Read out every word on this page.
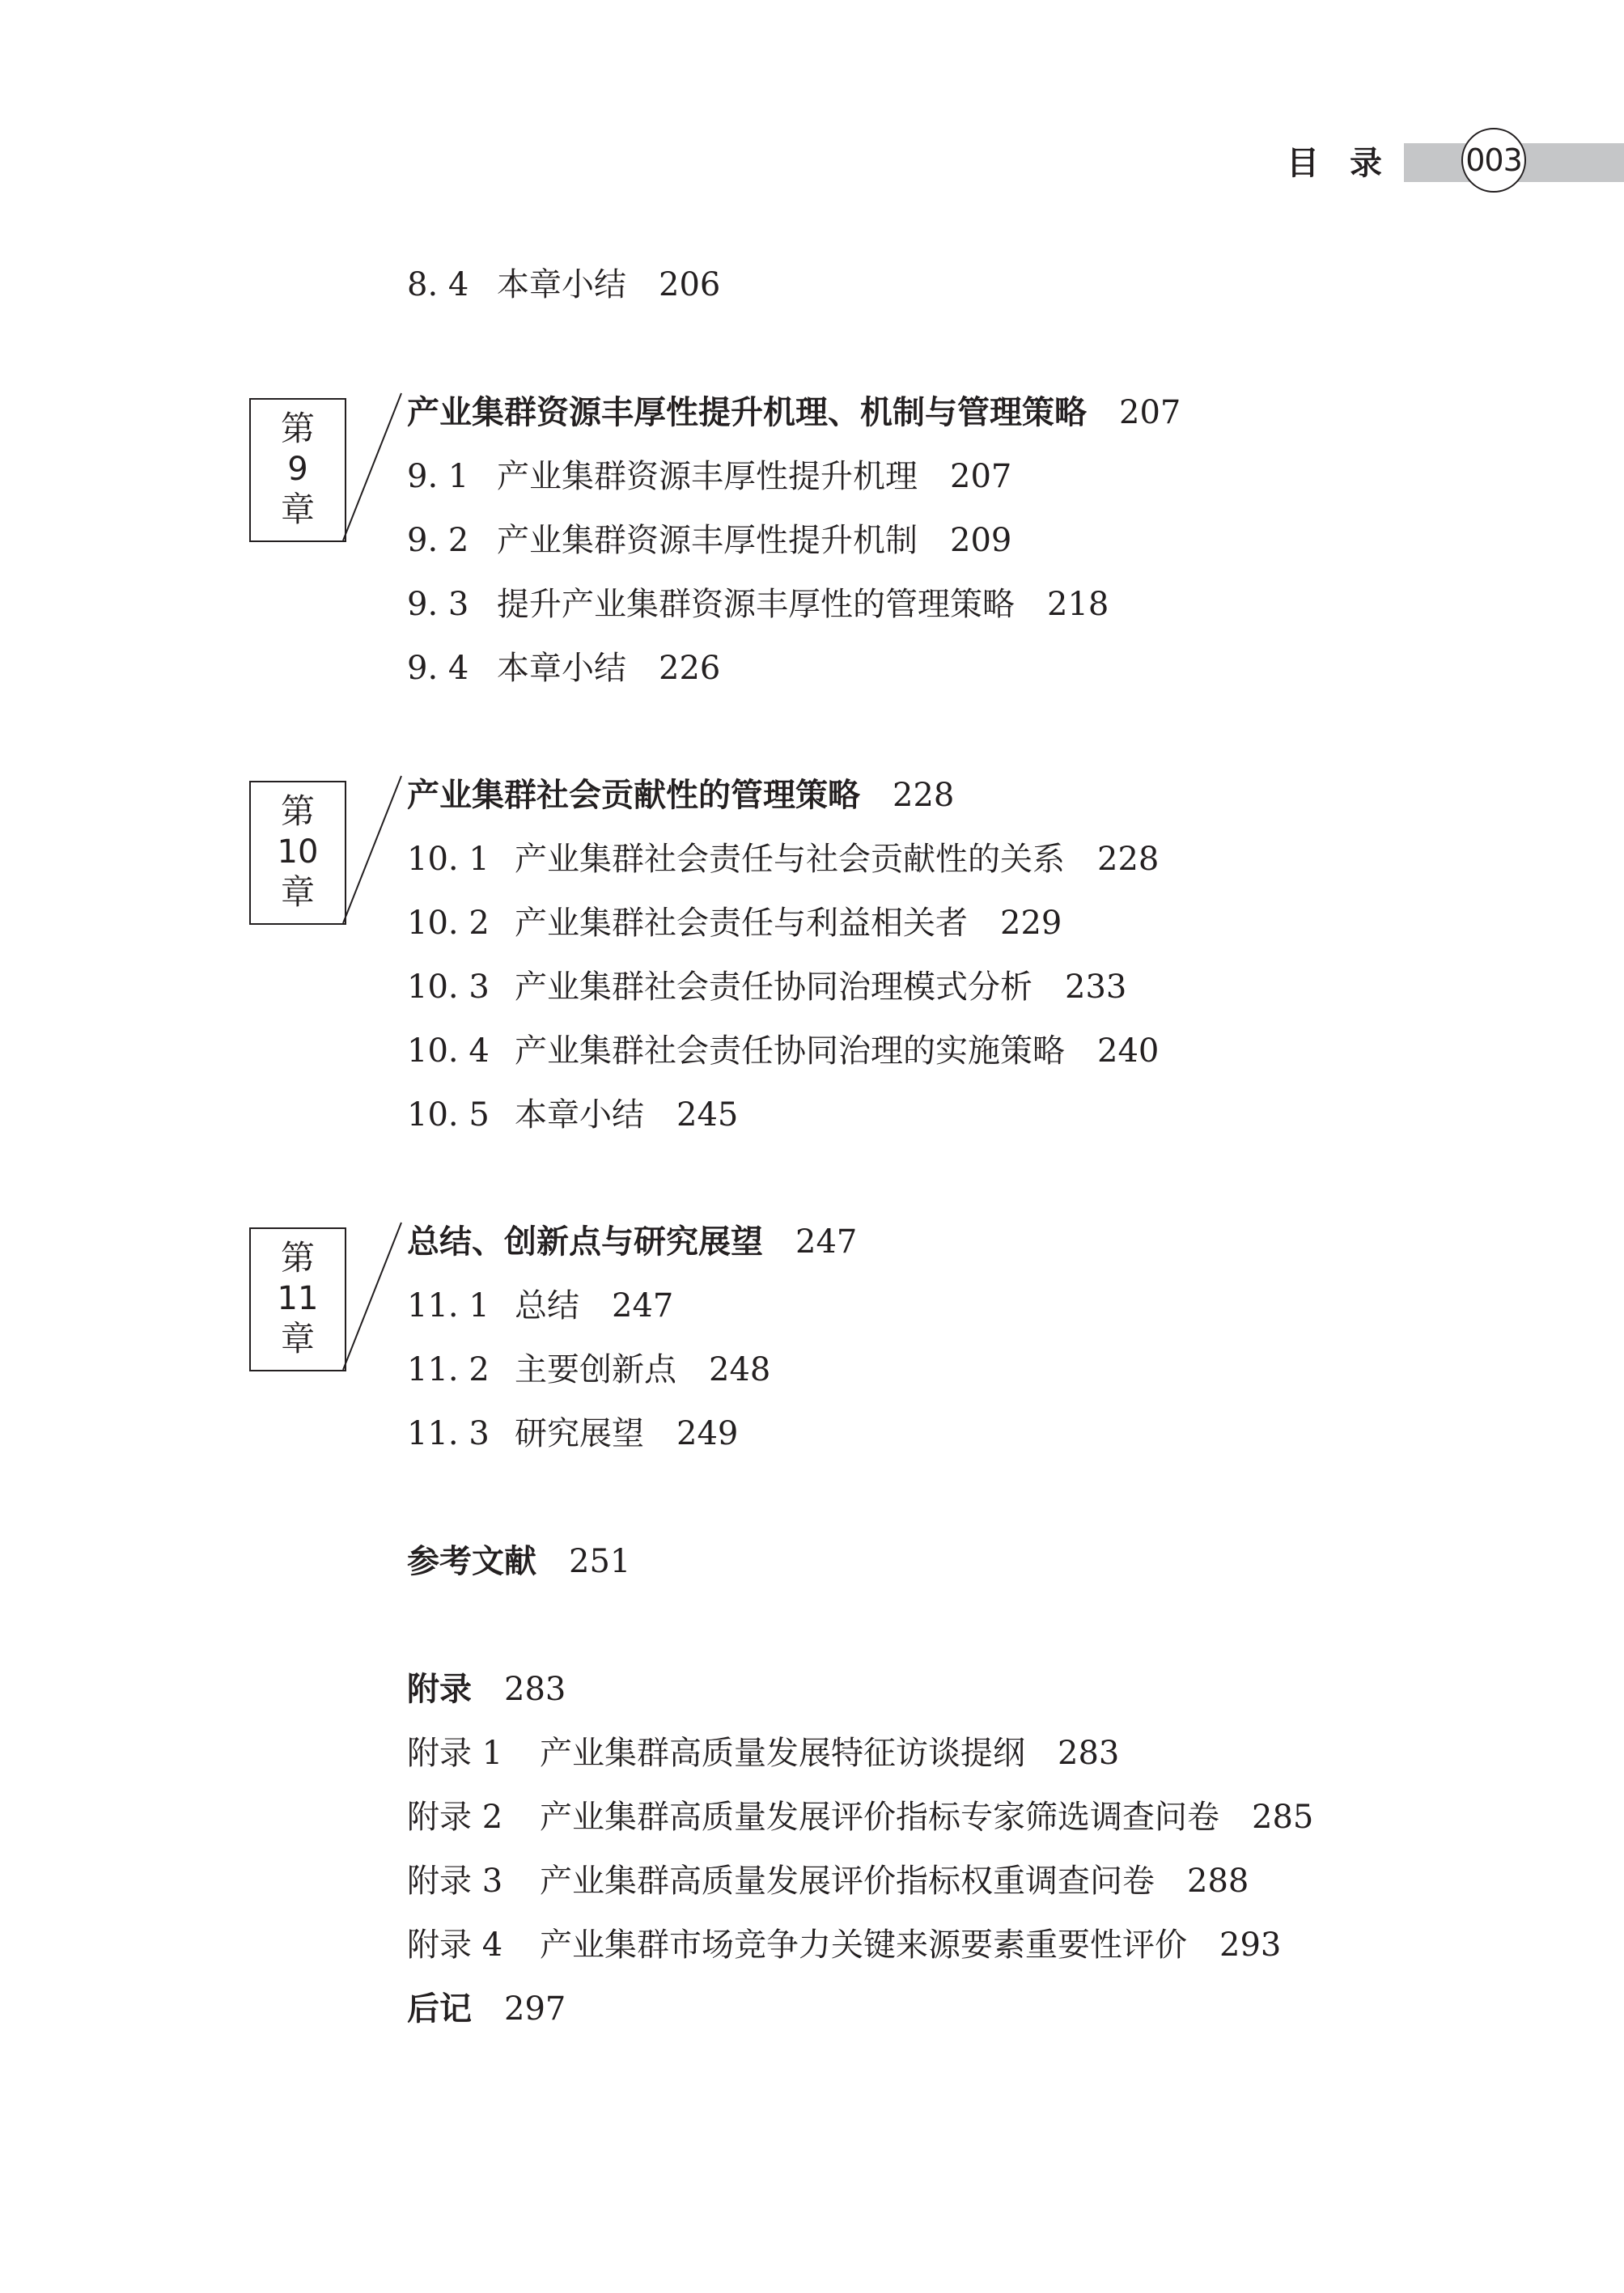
目 录	003
8. 4 本章小结 206
第
9
章
产业集群资源丰厚性提升机理、机制与管理策略 207
9. 1 产业集群资源丰厚性提升机理 207
9. 2 产业集群资源丰厚性提升机制 209
9. 3 提升产业集群资源丰厚性的管理策略 218
9. 4 本章小结 226
第
10
章
产业集群社会贡献性的管理策略 228
10. 1 产业集群社会责任与社会贡献性的关系 228
10. 2 产业集群社会责任与利益相关者 229
10. 3 产业集群社会责任协同治理模式分析 233
10. 4 产业集群社会责任协同治理的实施策略 240
10. 5 本章小结 245
第
11
章
总结、创新点与研究展望 247
11. 1 总结 247
11. 2 主要创新点 248
11. 3 研究展望 249
参考文献 251
附录 283
附录 1 产业集群高质量发展特征访谈提纲 283
附录 2 产业集群高质量发展评价指标专家筛选调查问卷 285
附录 3 产业集群高质量发展评价指标权重调查问卷 288
附录 4 产业集群市场竞争力关键来源要素重要性评价 293
后记 297
